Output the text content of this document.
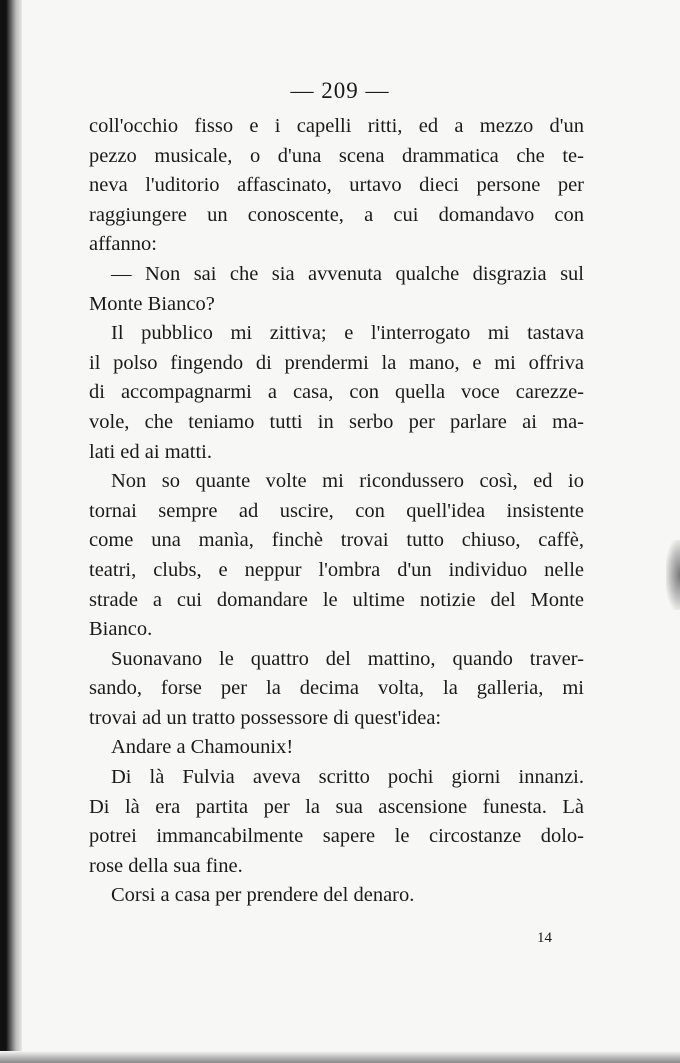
— 209 —
coll'occhio fisso e i capelli ritti, ed a mezzo d'un
pezzo musicale, o d'una scena drammatica che te-
neva l'uditorio affascinato, urtavo dieci persone per
raggiungere un conoscente, a cui domandavo con
affanno:
— Non sai che sia avvenuta qualche disgrazia sul
Monte Bianco?
Il pubblico mi zittiva; e l'interrogato mi tastava
il polso fingendo di prendermi la mano, e mi offriva
di accompagnarmi a casa, con quella voce carezze-
vole, che teniamo tutti in serbo per parlare ai ma-
lati ed ai matti.
Non so quante volte mi ricondussero così, ed io
tornai sempre ad uscire, con quell'idea insistente
come una manìa, finchè trovai tutto chiuso, caffè,
teatri, clubs, e neppur l'ombra d'un individuo nelle
strade a cui domandare le ultime notizie del Monte
Bianco.
Suonavano le quattro del mattino, quando traver-
sando, forse per la decima volta, la galleria, mi
trovai ad un tratto possessore di quest'idea:
Andare a Chamounix!
Di là Fulvia aveva scritto pochi giorni innanzi.
Di là era partita per la sua ascensione funesta. Là
potrei immancabilmente sapere le circostanze dolo-
rose della sua fine.
Corsi a casa per prendere del denaro.
14
